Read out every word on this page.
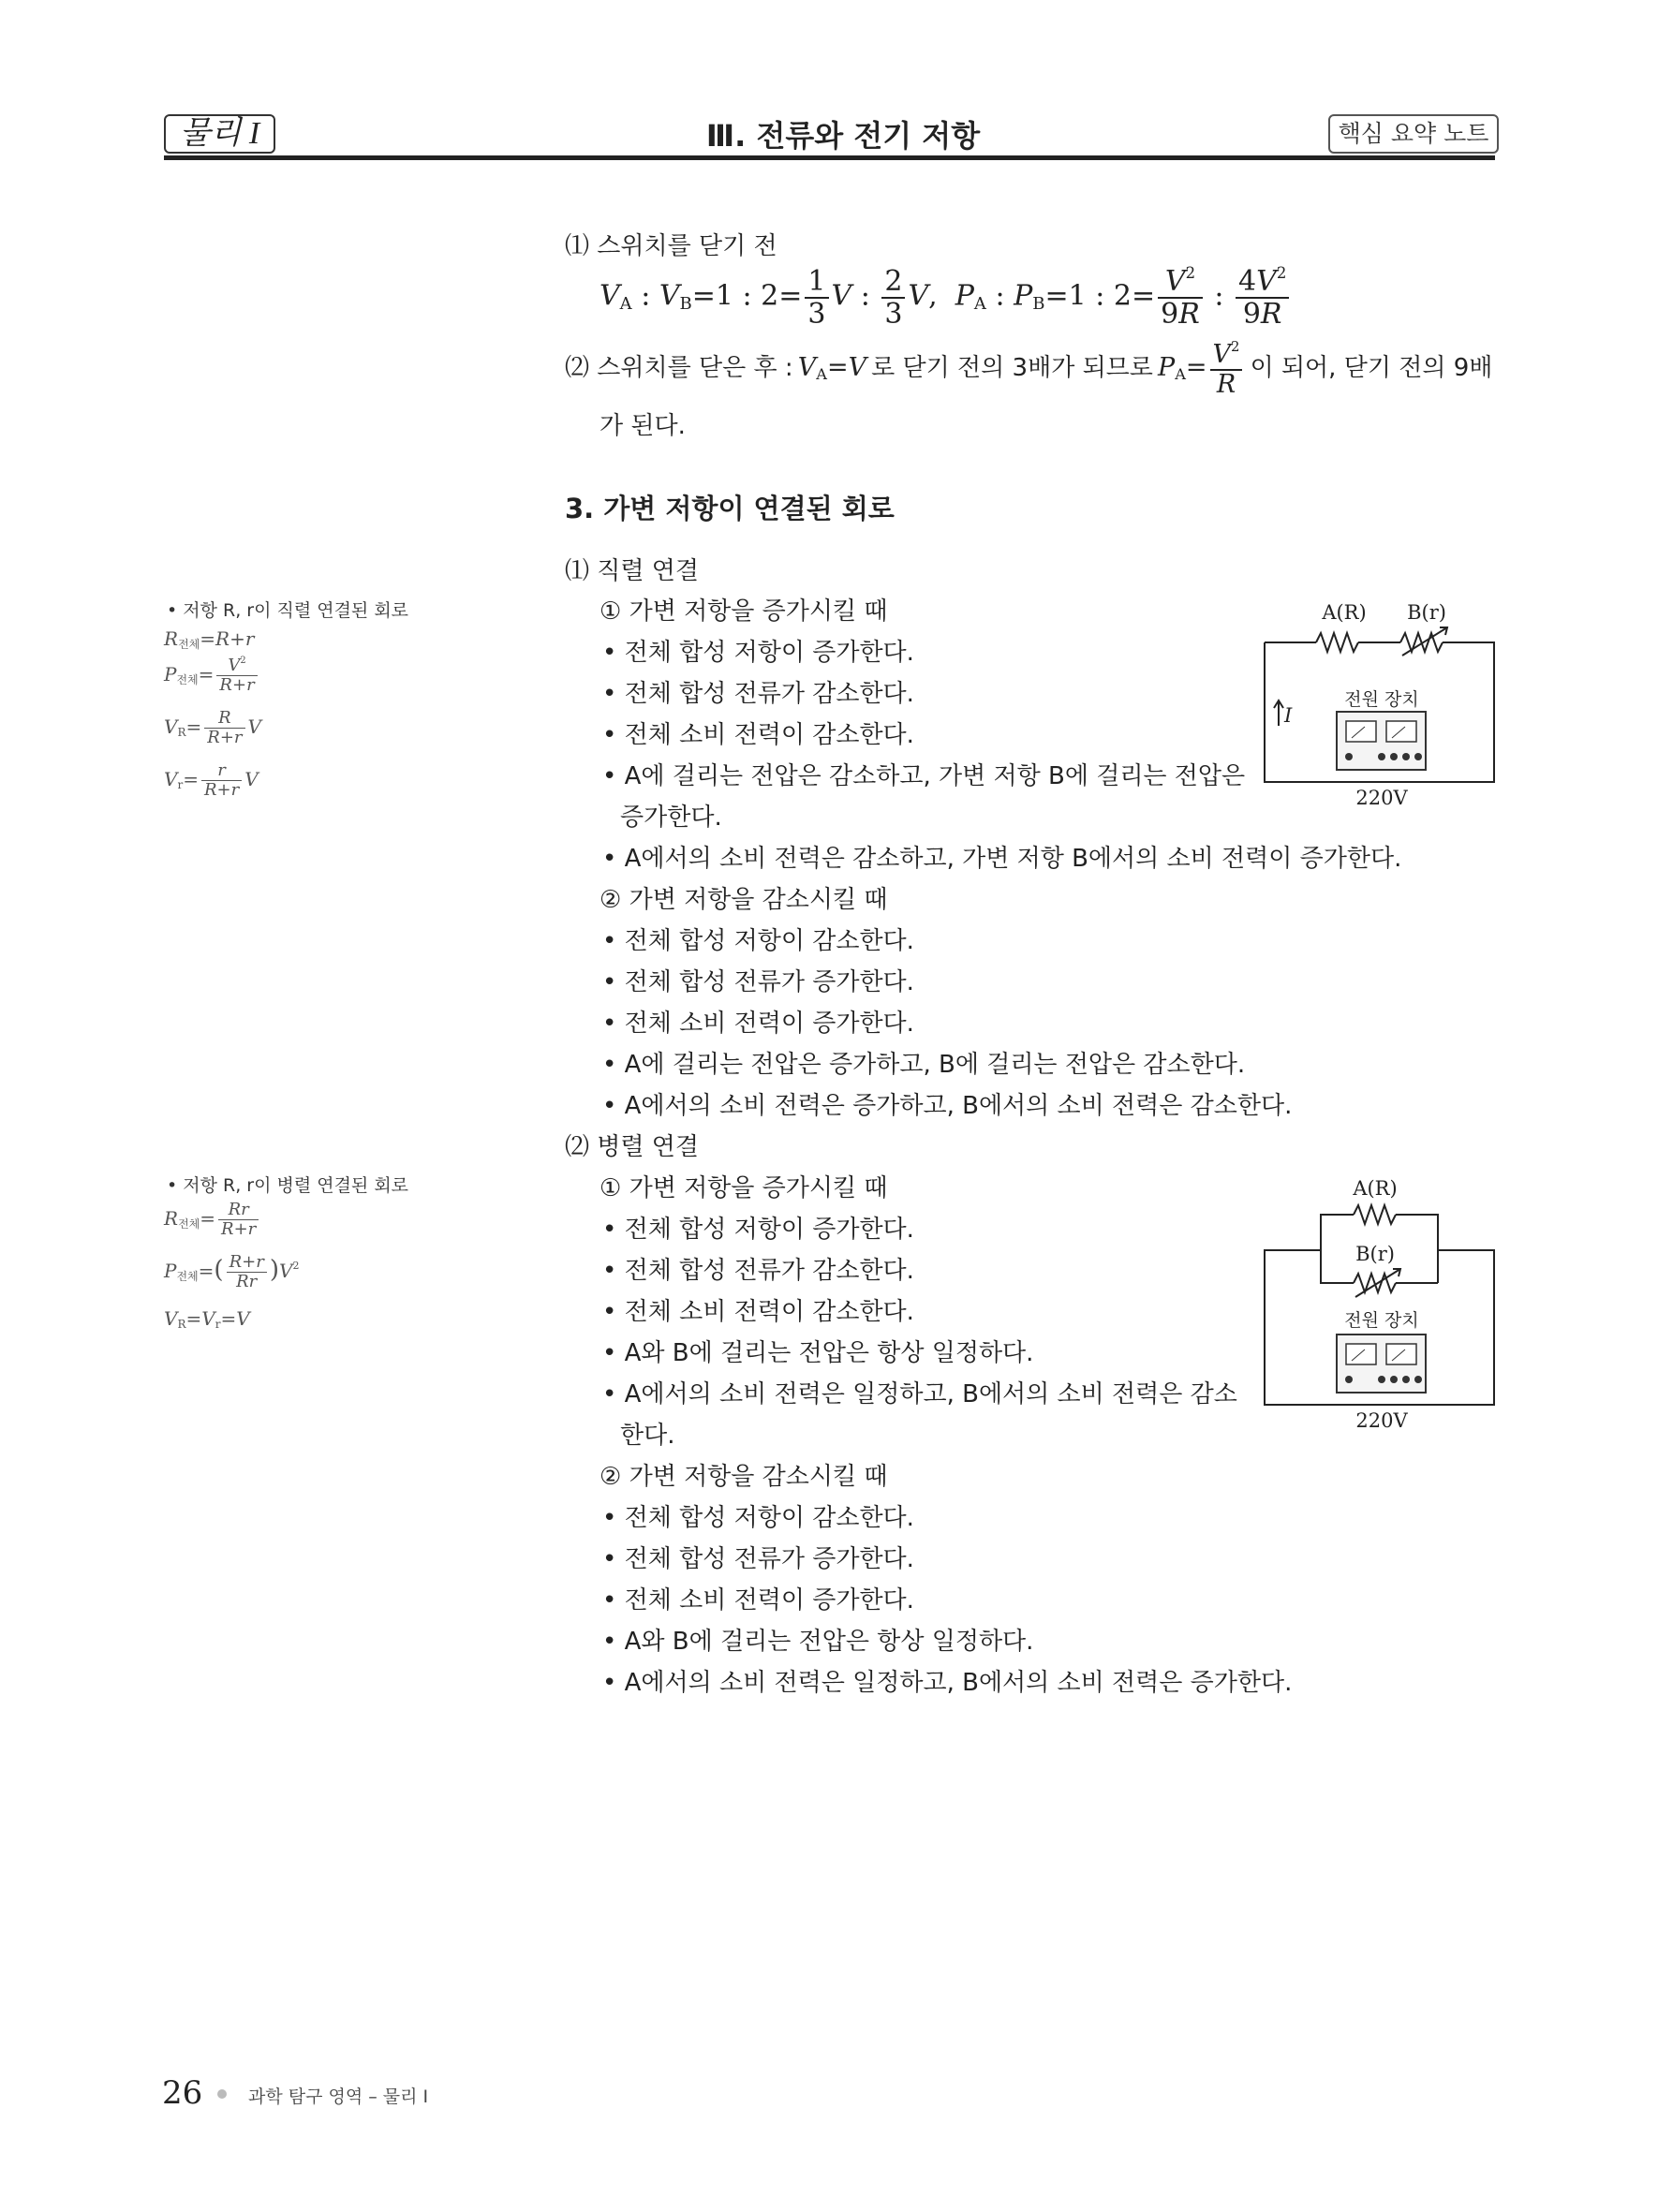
물리 I	Ⅲ. 전류와 전기 저항	핵심 요약 노트
⑴ 스위치를 닫기 전
$V_A$ : $V_B=1$ : $2= \frac{1}{3}$ V : $\frac{2}{3} V$,  $P_A$ : $P_B=1$ : $2= \frac{V^2}{9R}$ : $\frac{4V^2}{9R}$
⑵ 스위치를 닫은 후 : $V_A=V$ 로 닫기 전의 3배가 되므로 $P_A= \frac{V^2}{R}$ 이 되어, 닫기 전의 9배
가 된다.
3. 가변 저항이 연결된 회로
⑴ 직렬 연결
① 가변 저항을 증가시킬 때
• 전체 합성 저항이 증가한다.
• 전체 합성 전류가 감소한다.
• 전체 소비 전력이 감소한다.
• A에 걸리는 전압은 감소하고, 가변 저항 B에 걸리는 전압은
증가한다.
• A에서의 소비 전력은 감소하고, 가변 저항 B에서의 소비 전력이 증가한다.
② 가변 저항을 감소시킬 때
• 전체 합성 저항이 감소한다.
• 전체 합성 전류가 증가한다.
• 전체 소비 전력이 증가한다.
• A에 걸리는 전압은 증가하고, B에 걸리는 전압은 감소한다.
• A에서의 소비 전력은 증가하고, B에서의 소비 전력은 감소한다.
⑵ 병렬 연결
① 가변 저항을 증가시킬 때
• 전체 합성 저항이 증가한다.
• 전체 합성 전류가 감소한다.
• 전체 소비 전력이 감소한다.
• A와 B에 걸리는 전압은 항상 일정하다.
• A에서의 소비 전력은 일정하고, B에서의 소비 전력은 감소
한다.
② 가변 저항을 감소시킬 때
• 전체 합성 저항이 감소한다.
• 전체 합성 전류가 증가한다.
• 전체 소비 전력이 증가한다.
• A와 B에 걸리는 전압은 항상 일정하다.
• A에서의 소비 전력은 일정하고, B에서의 소비 전력은 증가한다.
• 저항 R, r이 직렬 연결된 회로
$R_{전체}=R+r$
$P_{전체}= \frac{V^2}{R+r}$
$V_R= \frac{R}{R+r}$ V
$V_r= \frac{r}{R+r}$ V
• 저항 R, r이 병렬 연결된 회로
$R_{전체}= \frac{Rr}{R+r}$
$P_{전체}=( \frac{R+r}{Rr} )V^2$
$V_R=V_r=V$
A(R)	B(r)
전원 장치
I
220V
A(R)
B(r)
전원 장치
220V
26	과학 탐구 영역 – 물리 Ⅰ
